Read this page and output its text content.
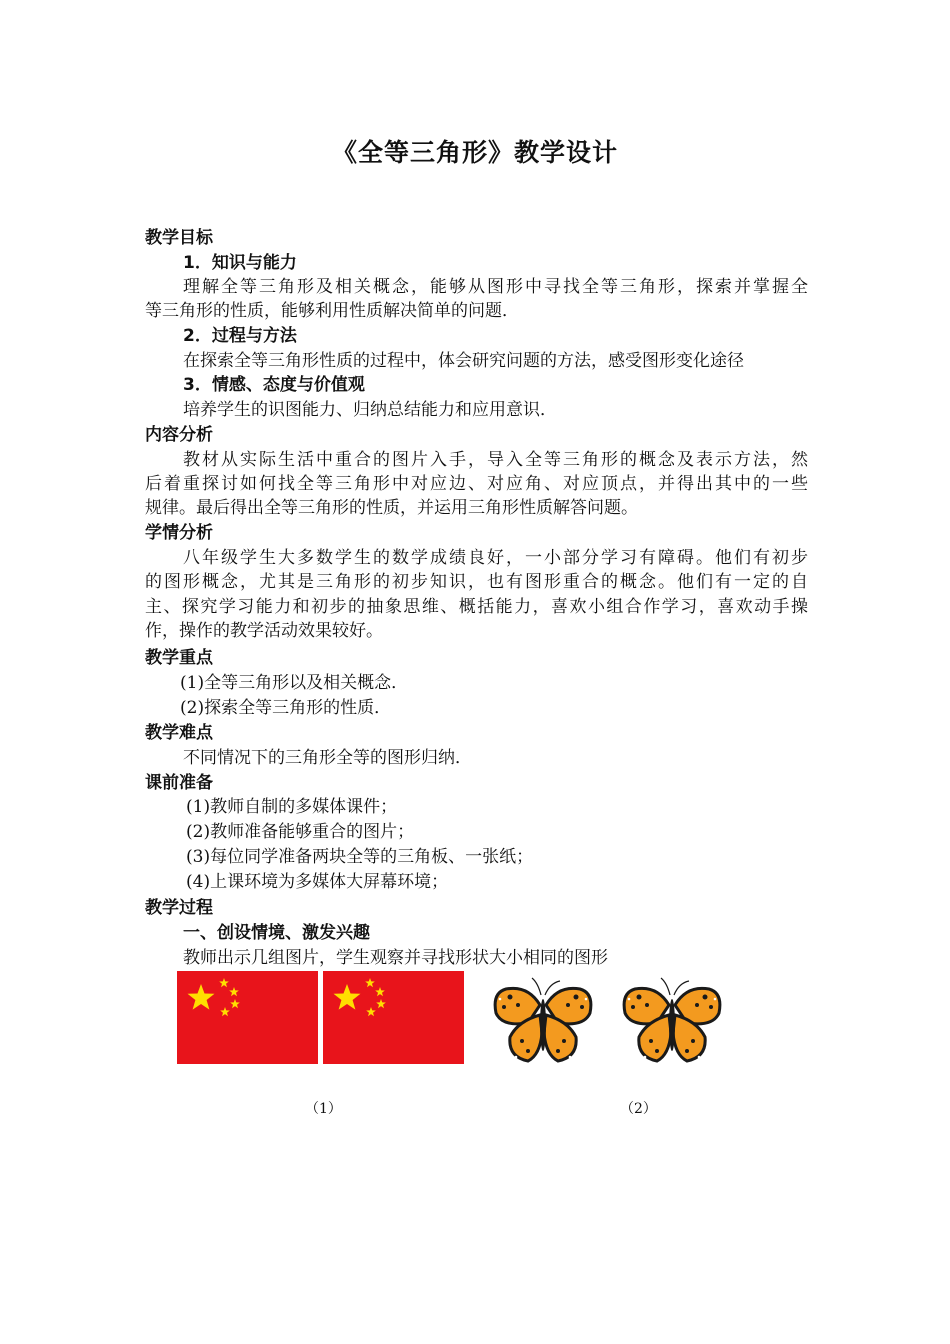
《全等三角形》教学设计
教学目标
1．知识与能力
理解全等三角形及相关概念，能够从图形中寻找全等三角形，探索并掌握全
等三角形的性质，能够利用性质解决简单的问题．
2．过程与方法
在探索全等三角形性质的过程中，体会研究问题的方法，感受图形变化途径
3．情感、态度与价值观
培养学生的识图能力、归纳总结能力和应用意识．
内容分析
教材从实际生活中重合的图片入手，导入全等三角形的概念及表示方法，然
后着重探讨如何找全等三角形中对应边、对应角、对应顶点，并得出其中的一些
规律。最后得出全等三角形的性质，并运用三角形性质解答问题。
学情分析
八年级学生大多数学生的数学成绩良好，一小部分学习有障碍。他们有初步
的图形概念，尤其是三角形的初步知识，也有图形重合的概念。他们有一定的自
主、探究学习能力和初步的抽象思维、概括能力，喜欢小组合作学习，喜欢动手操
作，操作的教学活动效果较好。
教学重点
(1)全等三角形以及相关概念．
(2)探索全等三角形的性质．
教学难点
不同情况下的三角形全等的图形归纳．
课前准备
(1)教师自制的多媒体课件；
(2)教师准备能够重合的图片；
(3)每位同学准备两块全等的三角板、一张纸；
(4)上课环境为多媒体大屏幕环境；
教学过程
一、创设情境、激发兴趣
教师出示几组图片，学生观察并寻找形状大小相同的图形
（1）	（2）
